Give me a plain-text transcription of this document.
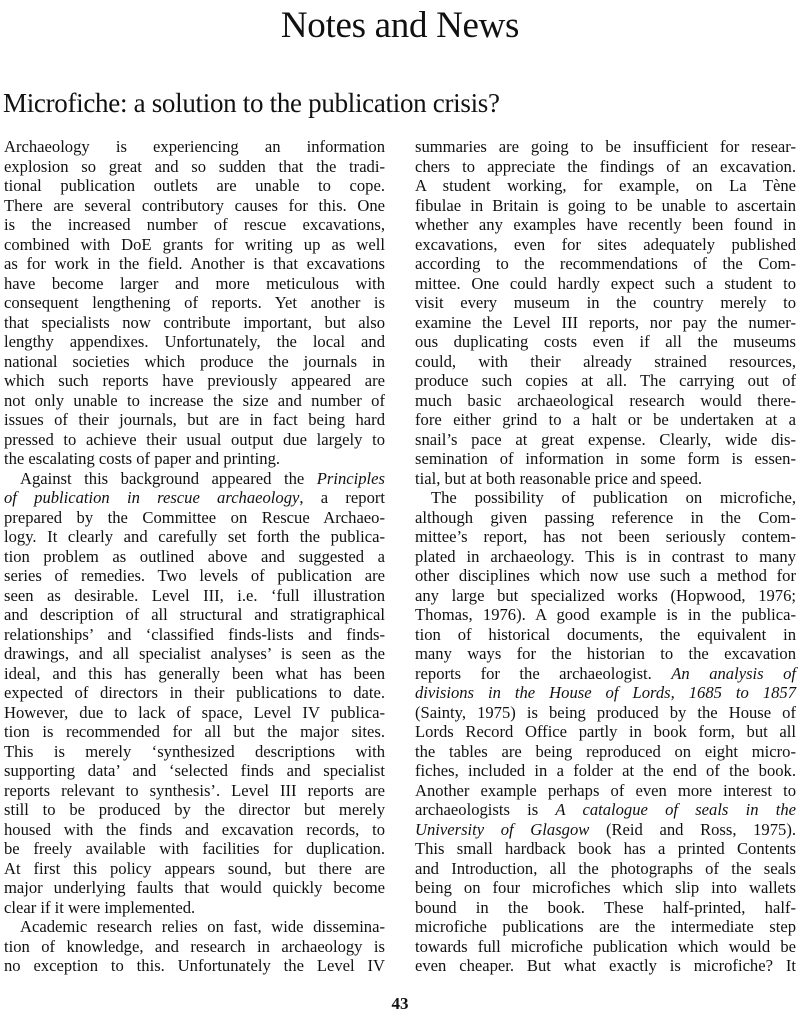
Notes and News
Microfiche: a solution to the publication crisis?
Archaeology is experiencing an information
explosion so great and so sudden that the tradi-
tional publication outlets are unable to cope.
There are several contributory causes for this. One
is the increased number of rescue excavations,
combined with DoE grants for writing up as well
as for work in the field. Another is that excavations
have become larger and more meticulous with
consequent lengthening of reports. Yet another is
that specialists now contribute important, but also
lengthy appendixes. Unfortunately, the local and
national societies which produce the journals in
which such reports have previously appeared are
not only unable to increase the size and number of
issues of their journals, but are in fact being hard
pressed to achieve their usual output due largely to
the escalating costs of paper and printing.
Against this background appeared the Principles
of publication in rescue archaeology, a report
prepared by the Committee on Rescue Archaeo-
logy. It clearly and carefully set forth the publica-
tion problem as outlined above and suggested a
series of remedies. Two levels of publication are
seen as desirable. Level III, i.e. ‘full illustration
and description of all structural and stratigraphical
relationships’ and ‘classified finds-lists and finds-
drawings, and all specialist analyses’ is seen as the
ideal, and this has generally been what has been
expected of directors in their publications to date.
However, due to lack of space, Level IV publica-
tion is recommended for all but the major sites.
This is merely ‘synthesized descriptions with
supporting data’ and ‘selected finds and specialist
reports relevant to synthesis’. Level III reports are
still to be produced by the director but merely
housed with the finds and excavation records, to
be freely available with facilities for duplication.
At first this policy appears sound, but there are
major underlying faults that would quickly become
clear if it were implemented.
Academic research relies on fast, wide dissemina-
tion of knowledge, and research in archaeology is
no exception to this. Unfortunately the Level IV
summaries are going to be insufficient for resear-
chers to appreciate the findings of an excavation.
A student working, for example, on La Tène
fibulae in Britain is going to be unable to ascertain
whether any examples have recently been found in
excavations, even for sites adequately published
according to the recommendations of the Com-
mittee. One could hardly expect such a student to
visit every museum in the country merely to
examine the Level III reports, nor pay the numer-
ous duplicating costs even if all the museums
could, with their already strained resources,
produce such copies at all. The carrying out of
much basic archaeological research would there-
fore either grind to a halt or be undertaken at a
snail’s pace at great expense. Clearly, wide dis-
semination of information in some form is essen-
tial, but at both reasonable price and speed.
The possibility of publication on microfiche,
although given passing reference in the Com-
mittee’s report, has not been seriously contem-
plated in archaeology. This is in contrast to many
other disciplines which now use such a method for
any large but specialized works (Hopwood, 1976;
Thomas, 1976). A good example is in the publica-
tion of historical documents, the equivalent in
many ways for the historian to the excavation
reports for the archaeologist. An analysis of
divisions in the House of Lords, 1685 to 1857
(Sainty, 1975) is being produced by the House of
Lords Record Office partly in book form, but all
the tables are being reproduced on eight micro-
fiches, included in a folder at the end of the book.
Another example perhaps of even more interest to
archaeologists is A catalogue of seals in the
University of Glasgow (Reid and Ross, 1975).
This small hardback book has a printed Contents
and Introduction, all the photographs of the seals
being on four microfiches which slip into wallets
bound in the book. These half-printed, half-
microfiche publications are the intermediate step
towards full microfiche publication which would be
even cheaper. But what exactly is microfiche? It
43
